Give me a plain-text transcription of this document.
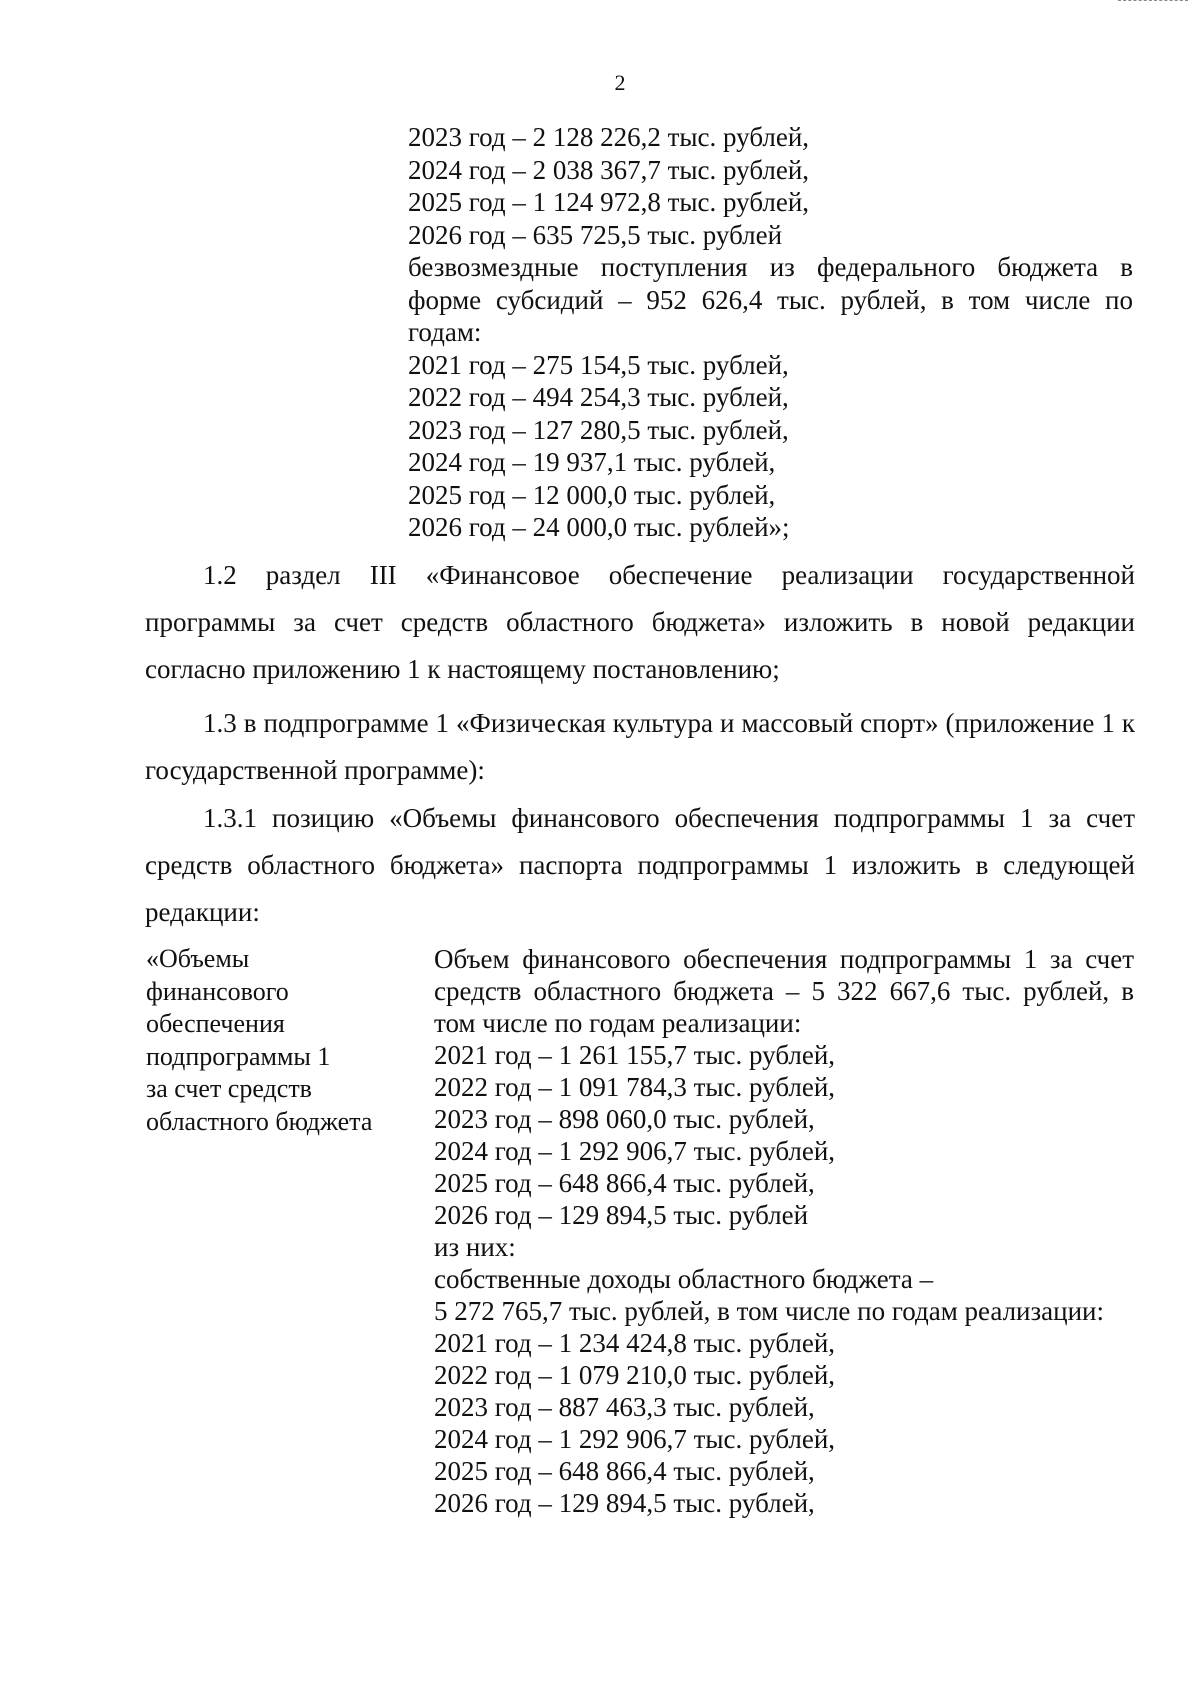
2
2023 год – 2 128 226,2 тыс. рублей,
2024 год – 2 038 367,7 тыс. рублей,
2025 год – 1 124 972,8 тыс. рублей,
2026 год – 635 725,5 тыс. рублей
безвозмездные поступления из федерального бюджета в форме субсидий – 952 626,4 тыс. рублей, в том числе по годам:
2021 год – 275 154,5 тыс. рублей,
2022 год – 494 254,3 тыс. рублей,
2023 год – 127 280,5 тыс. рублей,
2024 год – 19 937,1 тыс. рублей,
2025 год – 12 000,0 тыс. рублей,
2026 год – 24 000,0 тыс. рублей»;
1.2 раздел III «Финансовое обеспечение реализации государственной программы за счет средств областного бюджета» изложить в новой редакции согласно приложению 1 к настоящему постановлению;
1.3 в подпрограмме 1 «Физическая культура и массовый спорт» (приложение 1 к государственной программе):
1.3.1 позицию «Объемы финансового обеспечения подпрограммы 1 за счет средств областного бюджета» паспорта подпрограммы 1 изложить в следующей редакции:
«Объемы
финансового
обеспечения
подпрограммы 1
за счет средств
областного бюджета
Объем финансового обеспечения подпрограммы 1 за счет средств областного бюджета – 5 322 667,6 тыс. рублей, в том числе по годам реализации:
2021 год – 1 261 155,7 тыс. рублей,
2022 год – 1 091 784,3 тыс. рублей,
2023 год – 898 060,0 тыс. рублей,
2024 год – 1 292 906,7 тыс. рублей,
2025 год – 648 866,4 тыс. рублей,
2026 год – 129 894,5 тыс. рублей
из них:
собственные доходы областного бюджета –
5 272 765,7 тыс. рублей, в том числе по годам реализации:
2021 год – 1 234 424,8 тыс. рублей,
2022 год – 1 079 210,0 тыс. рублей,
2023 год – 887 463,3 тыс. рублей,
2024 год – 1 292 906,7 тыс. рублей,
2025 год – 648 866,4 тыс. рублей,
2026 год – 129 894,5 тыс. рублей,
